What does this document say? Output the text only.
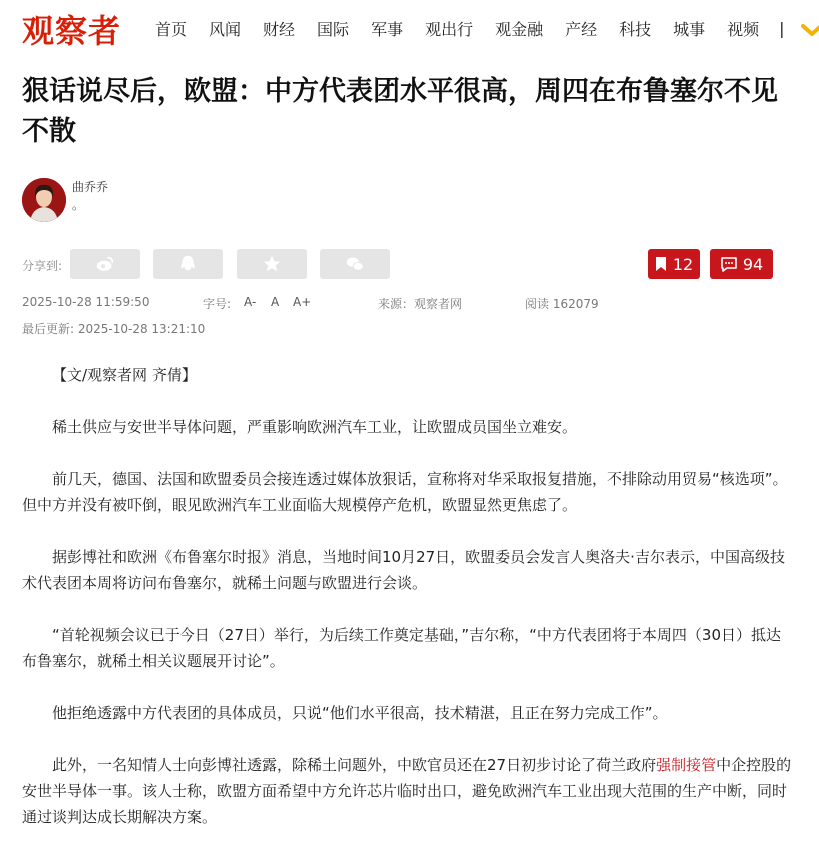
观察者 首页 风闻 财经 国际 军事 观出行 观金融 产经 科技 城事 视频 |
狠话说尽后，欧盟：中方代表团水平很高，周四在布鲁塞尔不见不散
曲乔乔
。
分享到:	12	94
2025-10-28 11:59:50	字号: A- A A+	来源：观察者网	阅读 162079
最后更新: 2025-10-28 13:21:10

【文/观察者网 齐倩】

稀土供应与安世半导体问题，严重影响欧洲汽车工业，让欧盟成员国坐立难安。

前几天，德国、法国和欧盟委员会接连透过媒体放狠话，宣称将对华采取报复措施，不排除动用贸易“核选项”。但中方并没有被吓倒，眼见欧洲汽车工业面临大规模停产危机，欧盟显然更焦虑了。

据彭博社和欧洲《布鲁塞尔时报》消息，当地时间10月27日，欧盟委员会发言人奥洛夫·吉尔表示，中国高级技术代表团本周将访问布鲁塞尔，就稀土问题与欧盟进行会谈。

“首轮视频会议已于今日（27日）举行，为后续工作奠定基础，”吉尔称，“中方代表团将于本周四（30日）抵达布鲁塞尔，就稀土相关议题展开讨论”。

他拒绝透露中方代表团的具体成员，只说“他们水平很高，技术精湛，且正在努力完成工作”。

此外，一名知情人士向彭博社透露，除稀土问题外，中欧官员还在27日初步讨论了荷兰政府强制接管中企控股的安世半导体一事。该人士称，欧盟方面希望中方允许芯片临时出口，避免欧洲汽车工业出现大范围的生产中断，同时通过谈判达成长期解决方案。
